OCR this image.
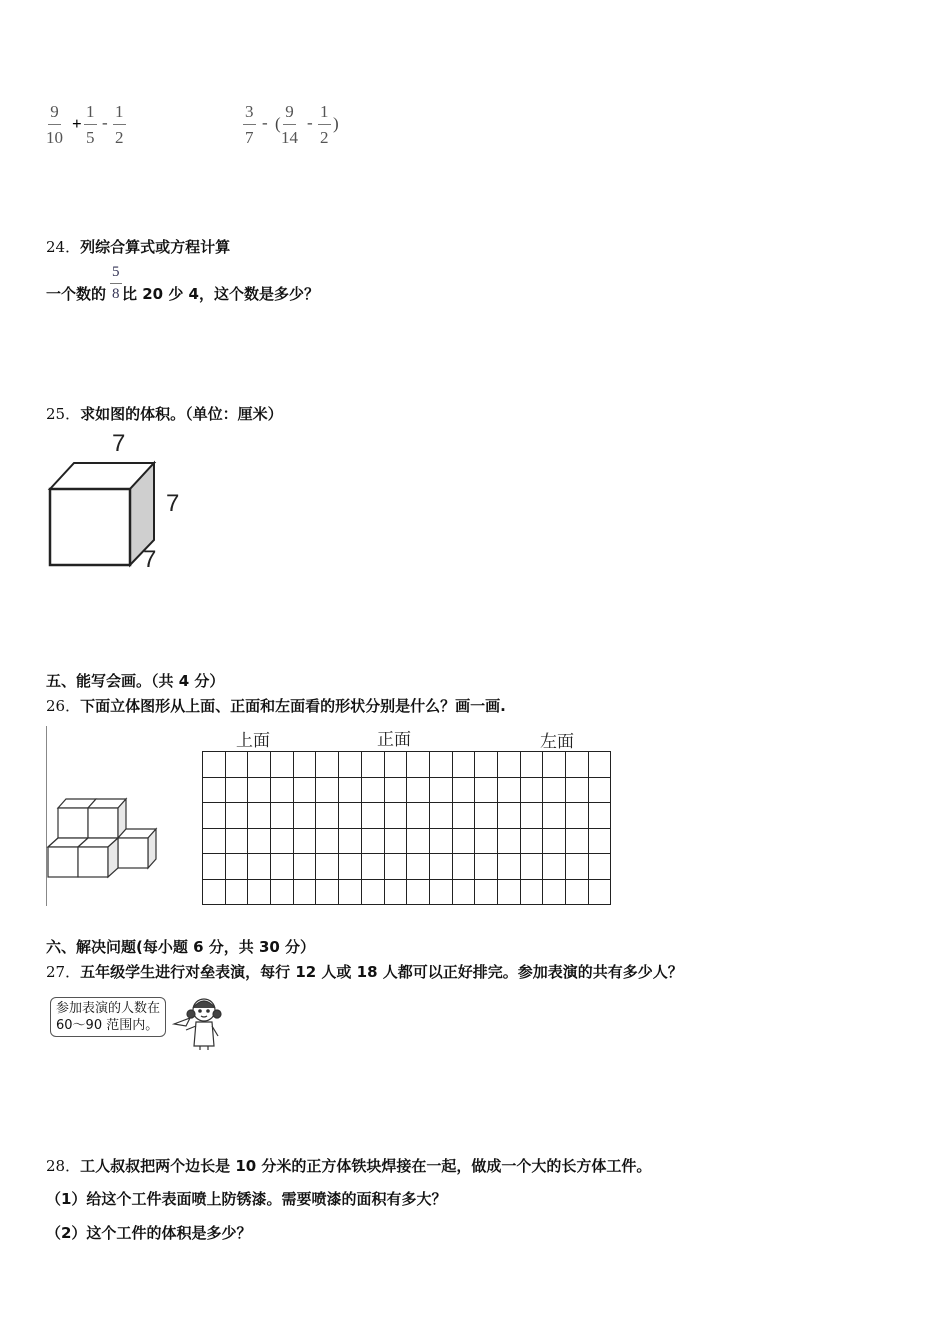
$\frac{9}{10} + \frac{1}{5} - \frac{1}{2}$	$\frac{3}{7}$ - ( $\frac{9}{14} - \frac{1}{2}$ )
24．列综合算式或方程计算
一个数的 $\frac{5}{8}$ 比 20 少 4，这个数是多少？
25．求如图的体积。（单位：厘米）
7
7
7
五、能写会画。（共 4 分）
26．下面立体图形从上面、正面和左面看的形状分别是什么？画一画.
上面	正面	左面

六、解决问题(每小题 6 分，共 30 分）
27．五年级学生进行对垒表演，每行 12 人或 18 人都可以正好排完。参加表演的共有多少人？
参加表演的人数在
60～90 范围内。
28．工人叔叔把两个边长是 10 分米的正方体铁块焊接在一起，做成一个大的长方体工件。
（1）给这个工件表面喷上防锈漆。需要喷漆的面积有多大？
（2）这个工件的体积是多少？
